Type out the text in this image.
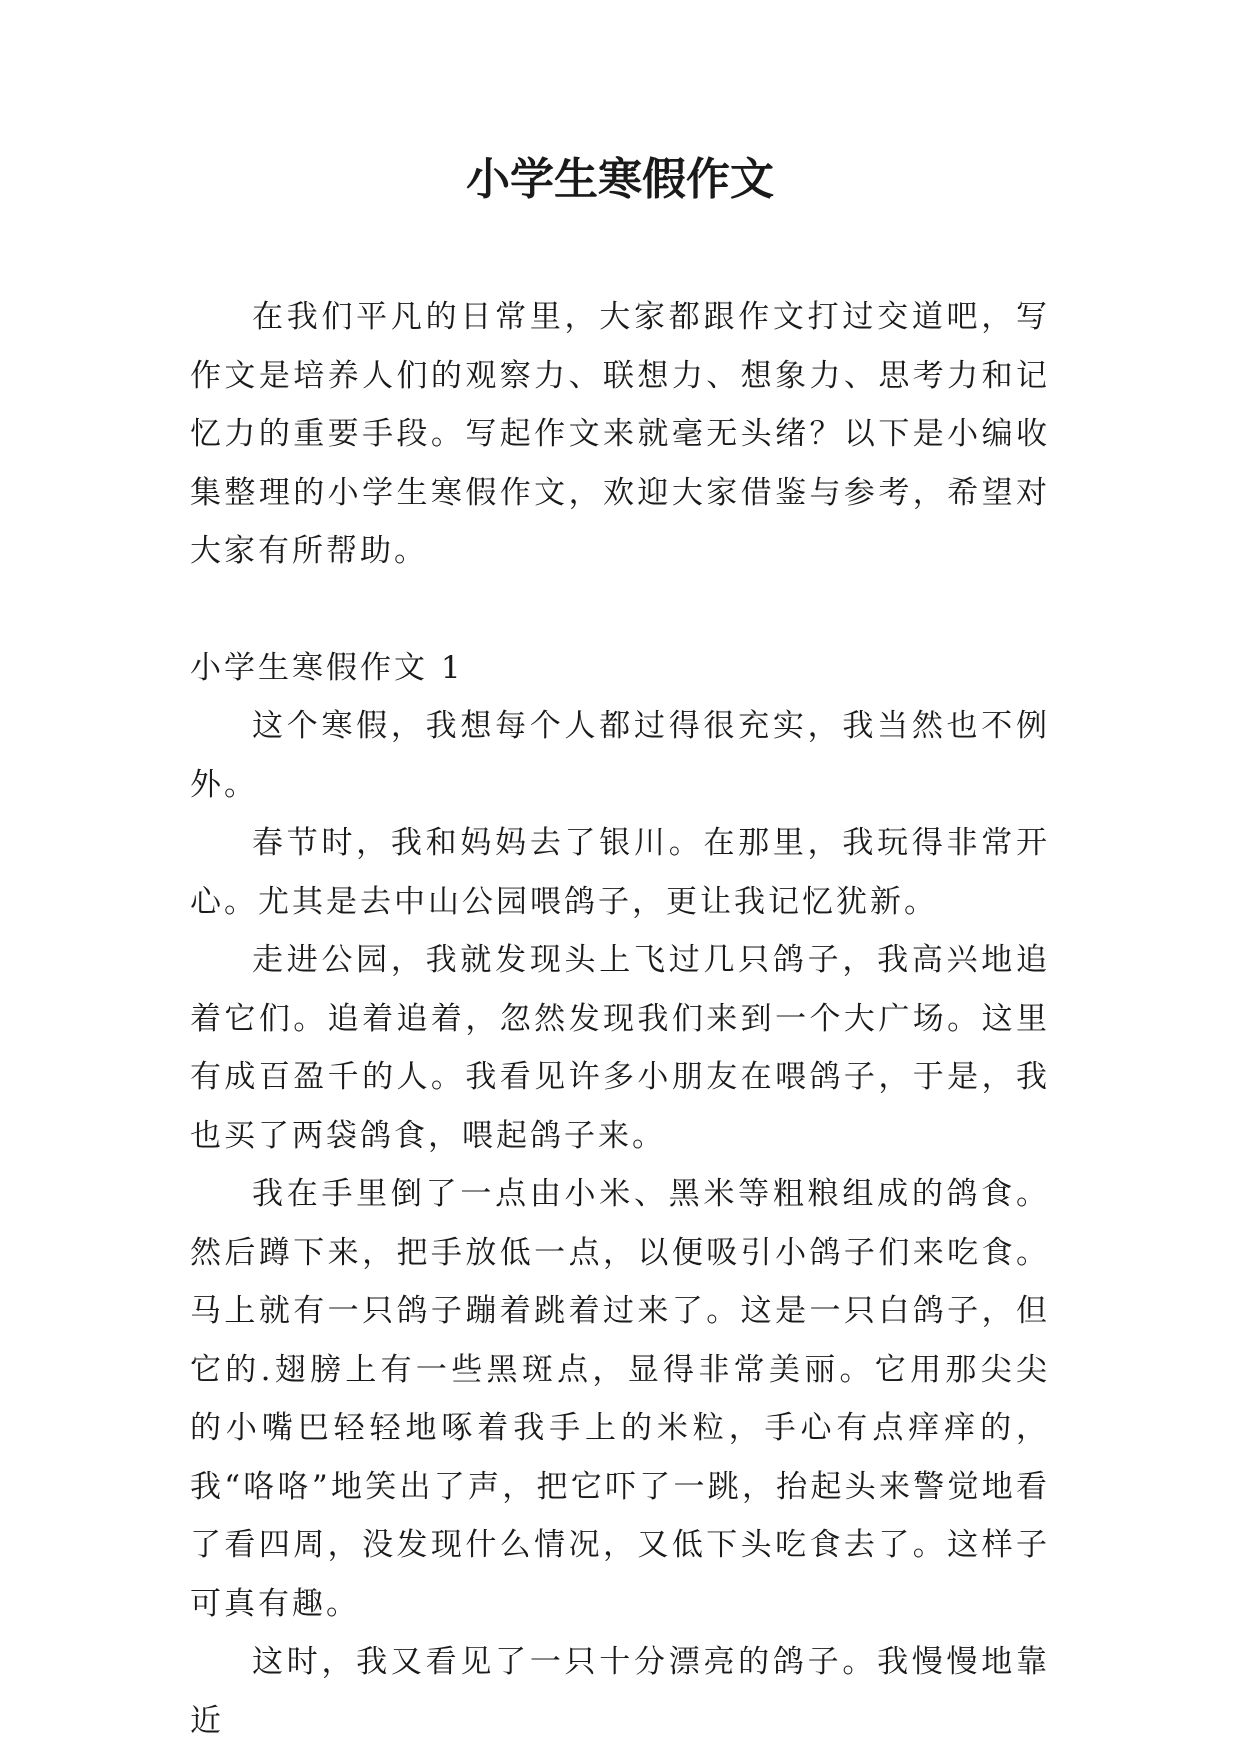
小学生寒假作文

在我们平凡的日常里，大家都跟作文打过交道吧，写作文是培养人们的观察力、联想力、想象力、思考力和记忆力的重要手段。写起作文来就毫无头绪？以下是小编收集整理的小学生寒假作文，欢迎大家借鉴与参考，希望对大家有所帮助。

小学生寒假作文 1

这个寒假，我想每个人都过得很充实，我当然也不例外。

春节时，我和妈妈去了银川。在那里，我玩得非常开心。尤其是去中山公园喂鸽子，更让我记忆犹新。

走进公园，我就发现头上飞过几只鸽子，我高兴地追着它们。追着追着，忽然发现我们来到一个大广场。这里有成百盈千的人。我看见许多小朋友在喂鸽子，于是，我也买了两袋鸽食，喂起鸽子来。

我在手里倒了一点由小米、黑米等粗粮组成的鸽食。然后蹲下来，把手放低一点，以便吸引小鸽子们来吃食。马上就有一只鸽子蹦着跳着过来了。这是一只白鸽子，但它的.翅膀上有一些黑斑点，显得非常美丽。它用那尖尖的小嘴巴轻轻地啄着我手上的米粒，手心有点痒痒的，我“咯咯”地笑出了声，把它吓了一跳，抬起头来警觉地看了看四周，没发现什么情况，又低下头吃食去了。这样子可真有趣。

这时，我又看见了一只十分漂亮的鸽子。我慢慢地靠近
